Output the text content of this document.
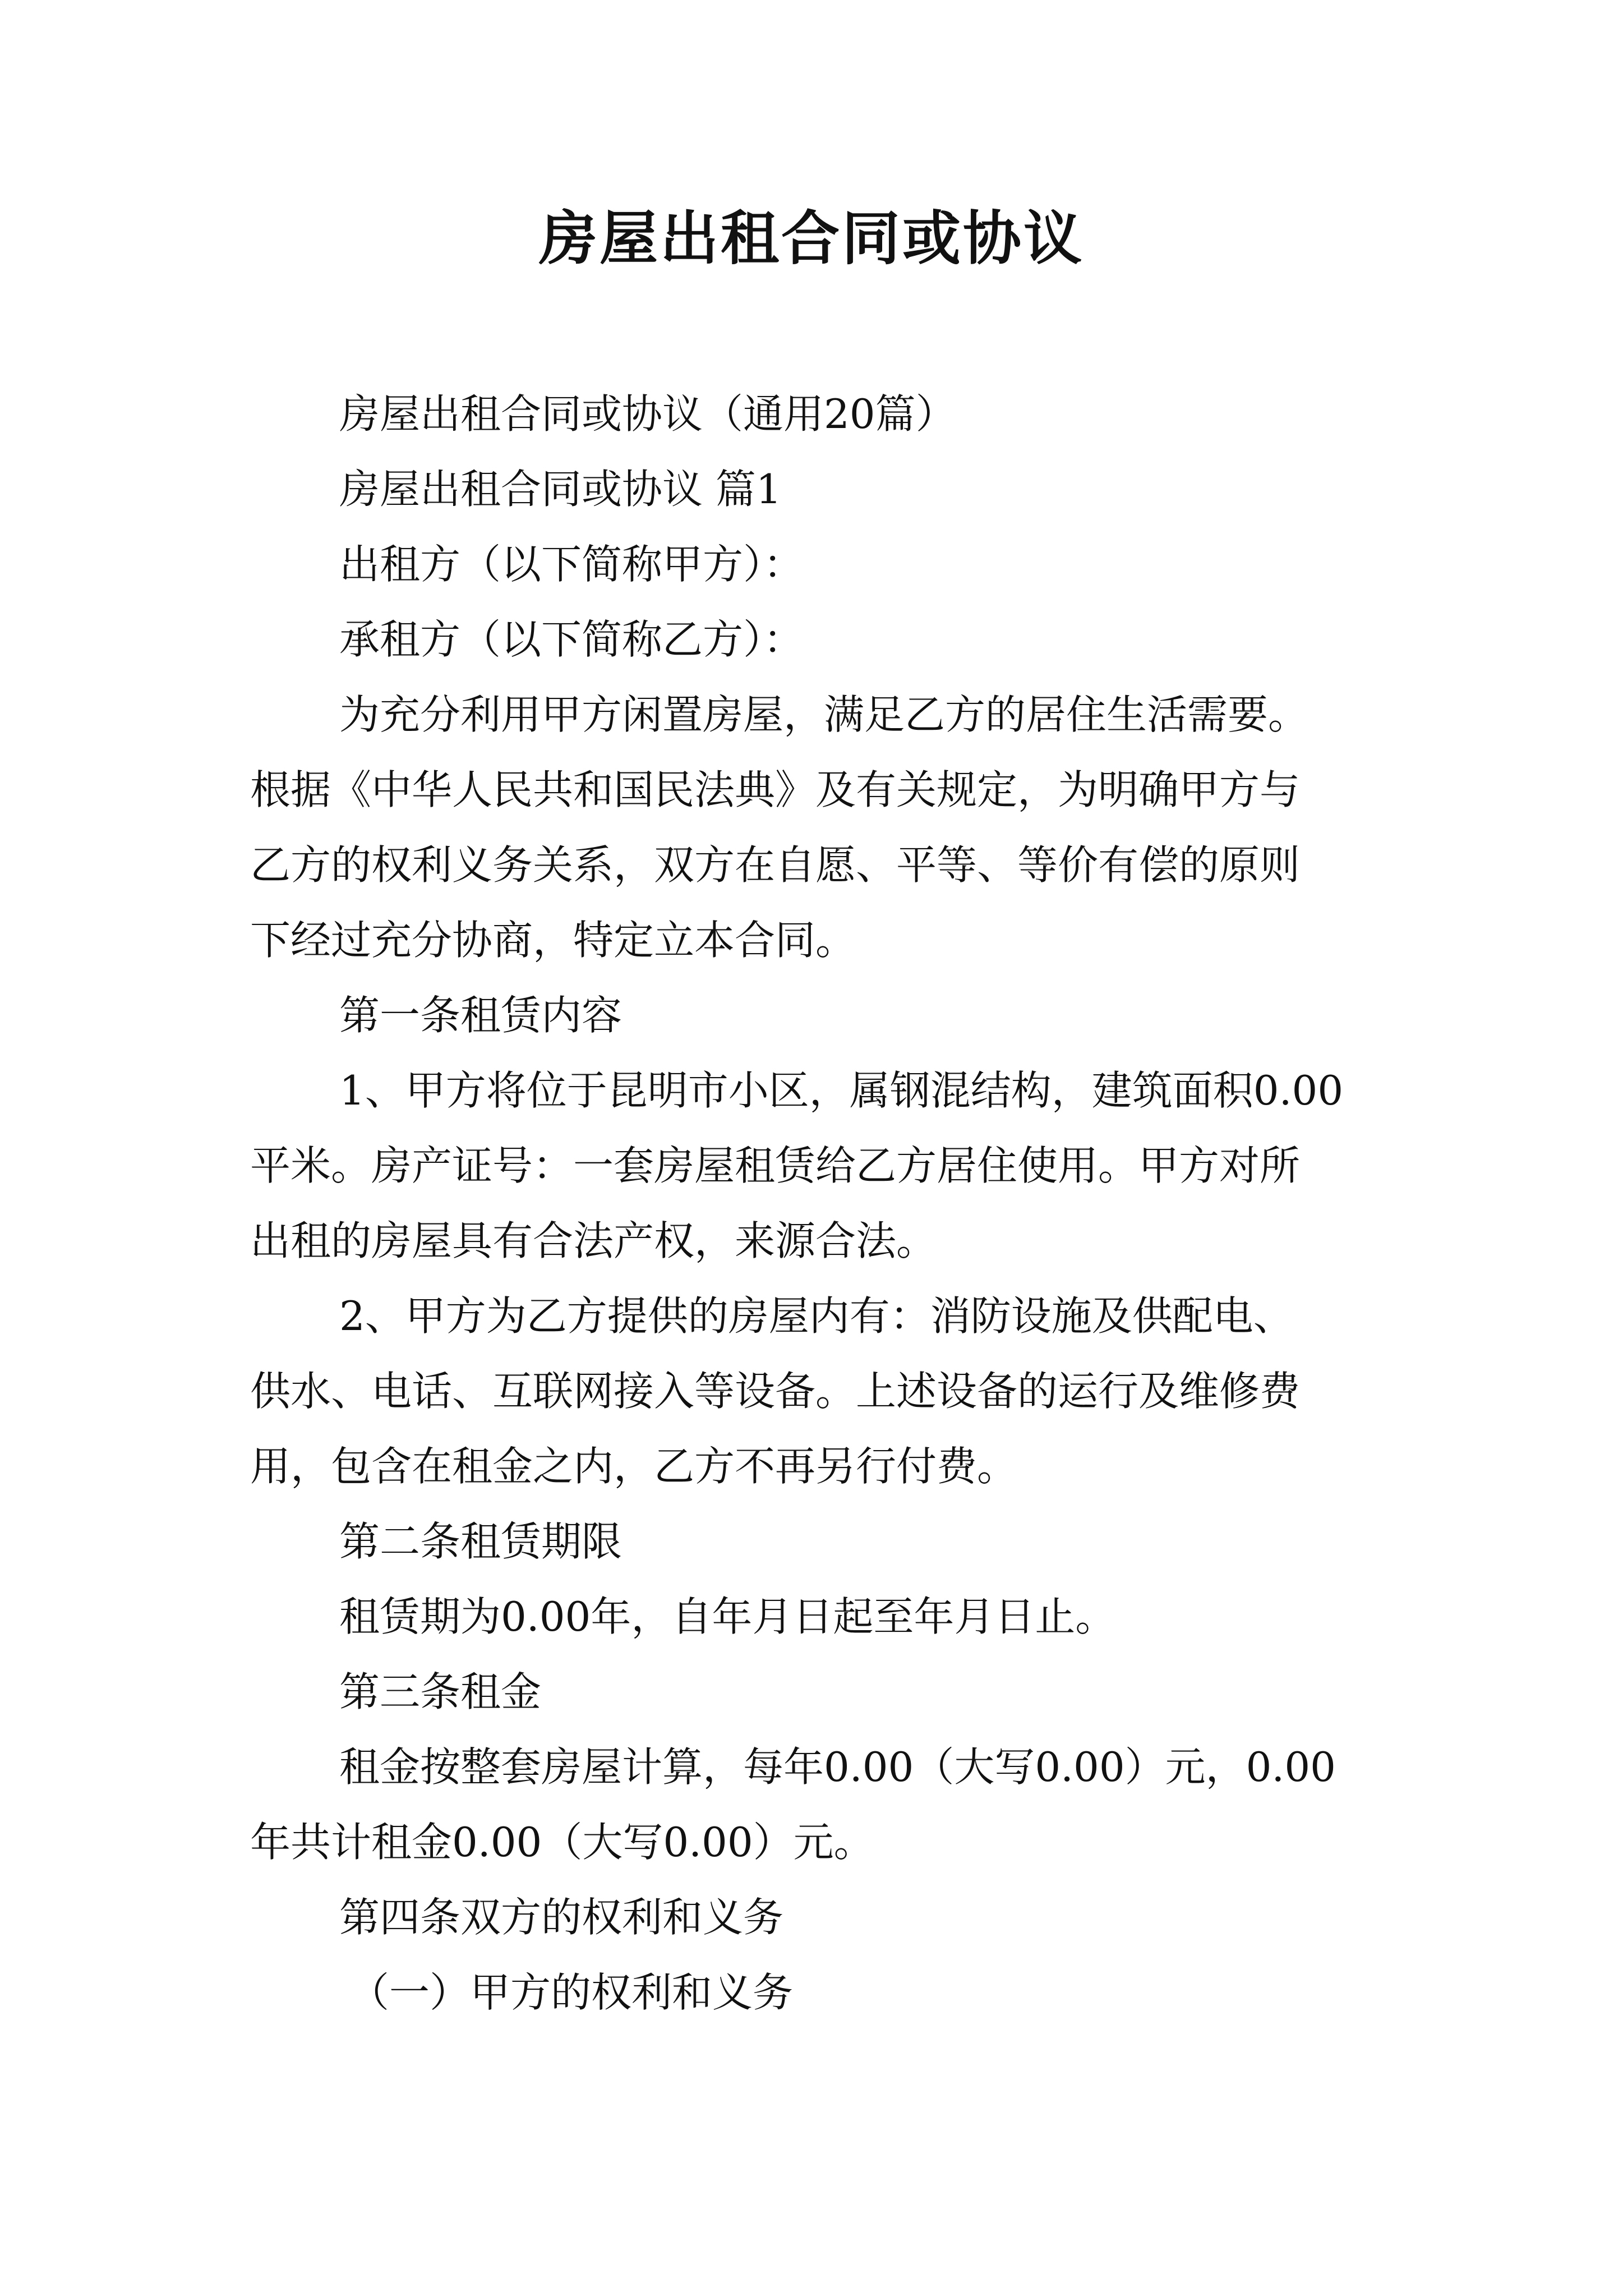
房屋出租合同或协议
房屋出租合同或协议（通用20篇）
房屋出租合同或协议 篇1
出租方（以下简称甲方）：
承租方（以下简称乙方）：
为充分利用甲方闲置房屋，满足乙方的居住生活需要。
根据《中华人民共和国民法典》及有关规定，为明确甲方与
乙方的权利义务关系，双方在自愿、平等、等价有偿的原则
下经过充分协商，特定立本合同。
第一条租赁内容
1、甲方将位于昆明市小区，属钢混结构，建筑面积0.00
平米。房产证号：一套房屋租赁给乙方居住使用。甲方对所
出租的房屋具有合法产权，来源合法。
2、甲方为乙方提供的房屋内有：消防设施及供配电、
供水、电话、互联网接入等设备。上述设备的运行及维修费
用，包含在租金之内，乙方不再另行付费。
第二条租赁期限
租赁期为0.00年，自年月日起至年月日止。
第三条租金
租金按整套房屋计算，每年0.00（大写0.00）元，0.00
年共计租金0.00（大写0.00）元。
第四条双方的权利和义务
（一）甲方的权利和义务
